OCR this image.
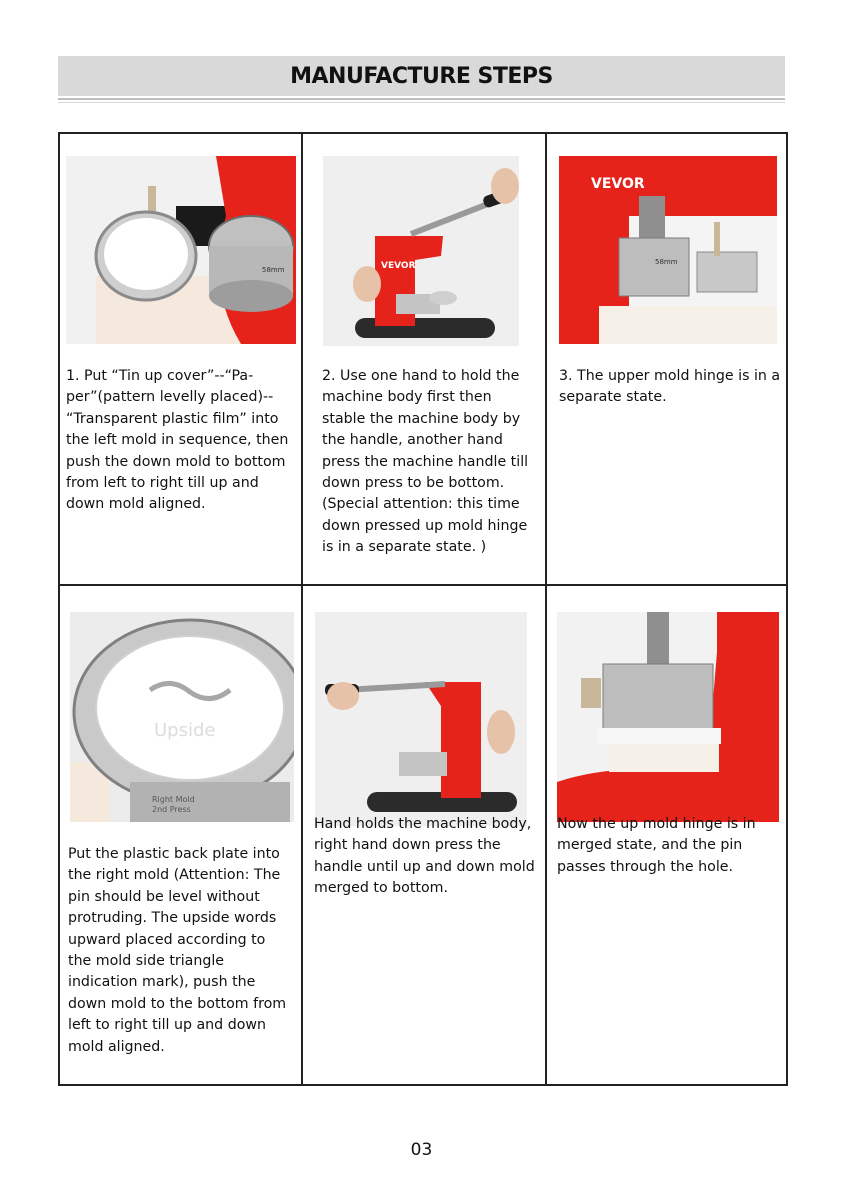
MANUFACTURE STEPS
58mm

1. Put “Tin up cover”--“Pa-
per”(pattern levelly placed)--
“Transparent plastic film” into
the left mold in sequence, then
push the down mold to bottom
from left to right till up and
down mold aligned.

VEVOR

2. Use one hand to hold the
machine body first then
stable the machine body by
the handle, another hand
press the machine handle till
down press to be bottom.
(Special attention: this time
down pressed up mold hinge
is in a separate state. )

58mm
VEVOR

3. The upper mold hinge is in a
separate state.

Upside
Right Mold
2nd Press

Put the plastic back plate into
the right mold (Attention: The
pin should be level without
protruding. The upside words
upward placed according to
the mold side triangle
indication mark), push the
down mold to the bottom from
left to right till up and down
mold aligned.

Hand holds the machine body,
right hand down press the
handle until up and down mold
merged to bottom.

Now the up mold hinge is in
merged state, and the pin
passes through the hole.

03
